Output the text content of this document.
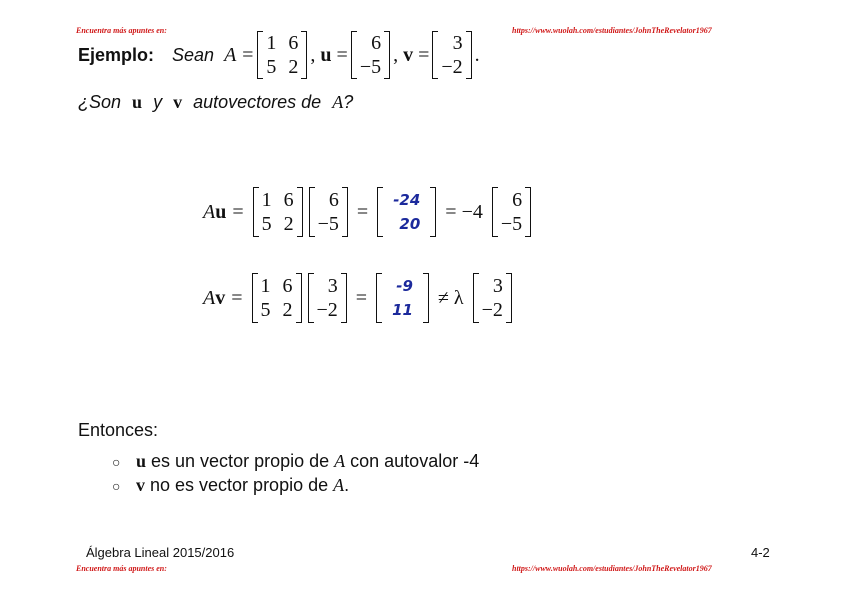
Encuentra más apuntes en:	https://www.wuolah.com/estudiantes/JohnTheRevelator1967
Ejemplo: Sean A =
1 6
5 2
, u =
6
−5
, v =
3
−2
.
¿Son u y v autovectores de A?
A u =
1 6
5 2
6
−5
=
-24
20
= −4
6
−5
A v =
1 6
5 2
3
−2
=
-9
11
≠ λ
3
−2
Entonces:
○ u es un vector propio de A con autovalor -4
○ v no es vector propio de A.
Álgebra Lineal 2015/2016	4-2
Encuentra más apuntes en:	https://www.wuolah.com/estudiantes/JohnTheRevelator1967
